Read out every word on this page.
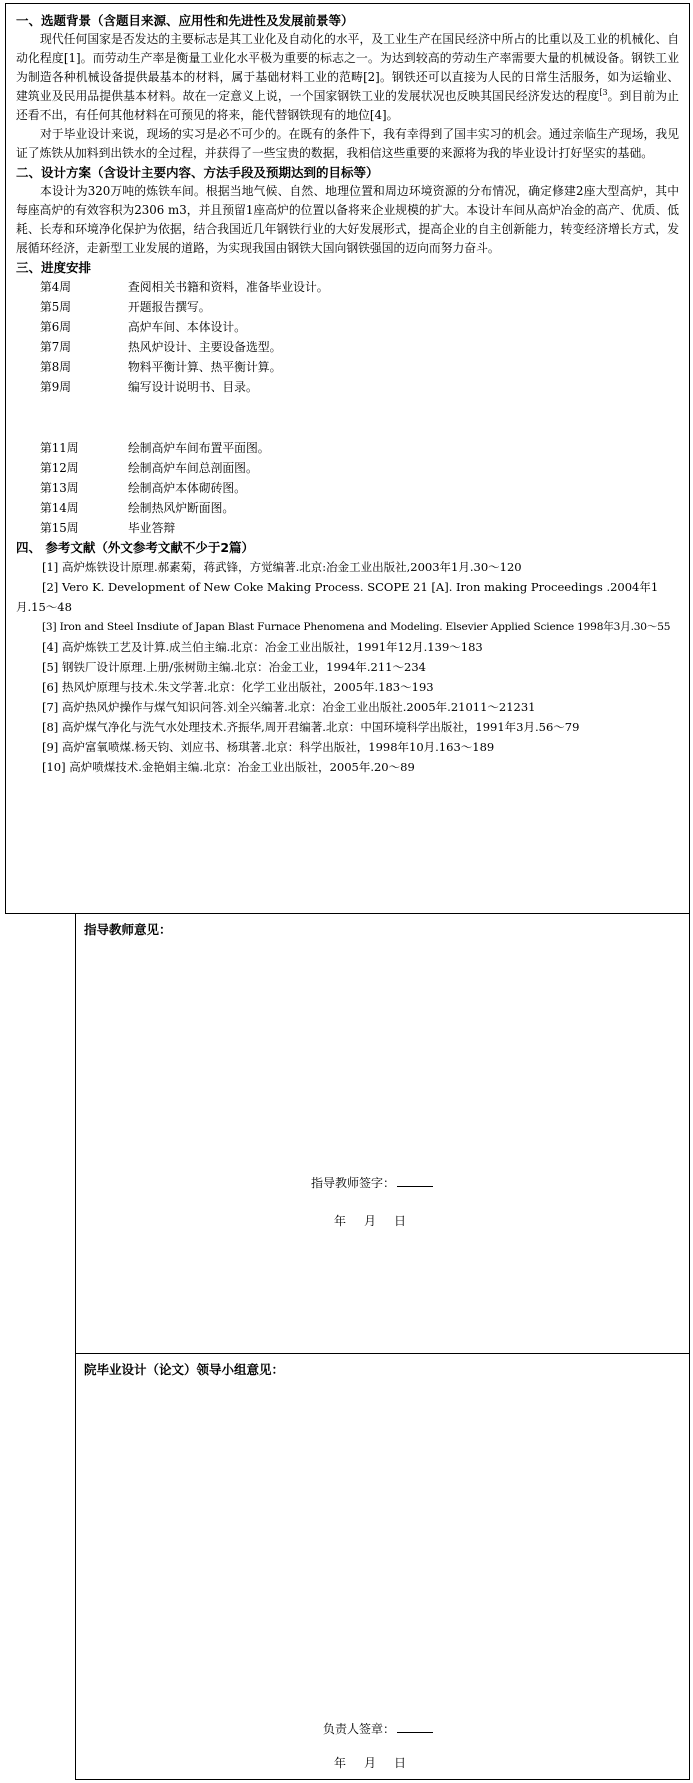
一、选题背景（含题目来源、应用性和先进性及发展前景等）
现代任何国家是否发达的主要标志是其工业化及自动化的水平，及工业生产在国民经济中所占的比重以及工业的机械化、自动化程度[1]。而劳动生产率是衡量工业化水平极为重要的标志之一。为达到较高的劳动生产率需要大量的机械设备。钢铁工业为制造各种机械设备提供最基本的材料，属于基础材料工业的范畴[2]。钢铁还可以直接为人民的日常生活服务，如为运输业、建筑业及民用品提供基本材料。故在一定意义上说，一个国家钢铁工业的发展状况也反映其国民经济发达的程度$^{[3}$。到目前为止还看不出，有任何其他材料在可预见的将来，能代替钢铁现有的地位[4]。
对于毕业设计来说，现场的实习是必不可少的。在既有的条件下，我有幸得到了国丰实习的机会。通过亲临生产现场，我见证了炼铁从加料到出铁水的全过程，并获得了一些宝贵的数据，我相信这些重要的来源将为我的毕业设计打好坚实的基础。
二、设计方案（含设计主要内容、方法手段及预期达到的目标等）
本设计为320万吨的炼铁车间。根据当地气候、自然、地理位置和周边环境资源的分布情况，确定修建2座大型高炉，其中每座高炉的有效容积为2306 m3，并且预留1座高炉的位置以备将来企业规模的扩大。本设计车间从高炉冶金的高产、优质、低耗、长寿和环境净化保护为依据，结合我国近几年钢铁行业的大好发展形式，提高企业的自主创新能力，转变经济增长方式，发展循环经济，走新型工业发展的道路，为实现我国由钢铁大国向钢铁强国的迈向而努力奋斗。
三、进度安排
第4周	查阅相关书籍和资料，准备毕业设计。
第5周	开题报告撰写。
第6周	高炉车间、本体设计。
第7周	热风炉设计、主要设备选型。
第8周	物料平衡计算、热平衡计算。
第9周	编写设计说明书、目录。
第11周	绘制高炉车间布置平面图。
第12周	绘制高炉车间总剖面图。
第13周	绘制高炉本体砌砖图。
第14周	绘制热风炉断面图。
第15周	毕业答辩
四、 参考文献（外文参考文献不少于2篇）
[1] 高炉炼铁设计原理.郝素菊，蒋武锋，方觉编著.北京:冶金工业出版社,2003年1月.30～120
[2] Vero K. Development of New Coke Making Process. SCOPE 21 [A]. Iron making Proceedings .2004年1月.15～48
[3] Iron and Steel Insdiute of Japan Blast Furnace Phenomena and Modeling. Elsevier Applied Science 1998年3月.30～55
[4] 高炉炼铁工艺及计算.成兰伯主编.北京：冶金工业出版社，1991年12月.139～183
[5] 钢铁厂设计原理.上册/张树勋主编.北京：冶金工业，1994年.211～234
[6] 热风炉原理与技术.朱文学著.北京：化学工业出版社，2005年.183～193
[7] 高炉热风炉操作与煤气知识问答.刘全兴编著.北京：冶金工业出版社.2005年.21011～21231
[8] 高炉煤气净化与洗气水处理技术.齐振华,周开君编著.北京：中国环境科学出版社，1991年3月.56～79
[9] 高炉富氧喷煤.杨天钧、刘应书、杨琪著.北京：科学出版社，1998年10月.163～189
[10] 高炉喷煤技术.金艳娟主编.北京：冶金工业出版社，2005年.20～89
指导教师意见：
指导教师签字：
年 月 日
院毕业设计（论文）领导小组意见：
负责人签章：
年 月 日
